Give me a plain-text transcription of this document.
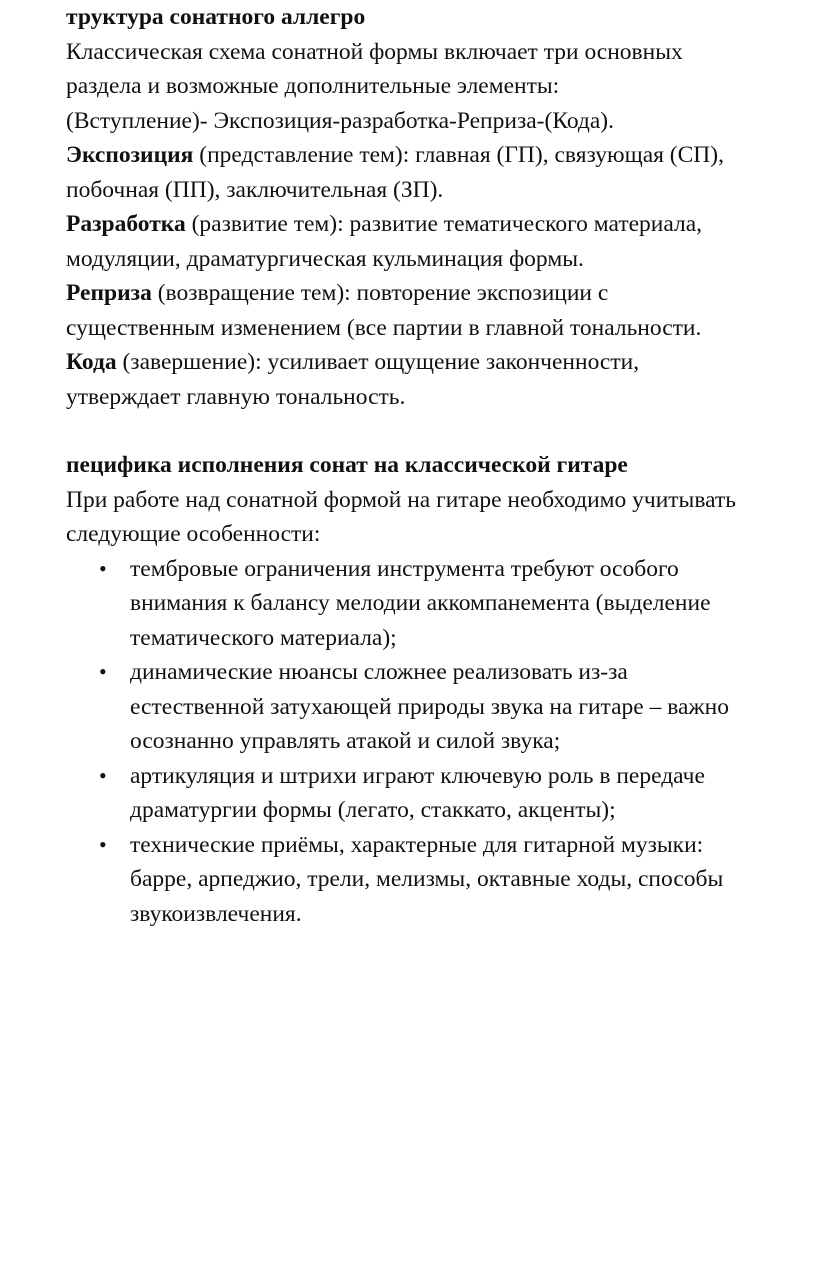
труктура сонатного аллегро
Классическая схема сонатной формы включает три основных
раздела и возможные дополнительные элементы:
(Вступление)- Экспозиция-разработка-Реприза-(Кода).
Экспозиция (представление тем): главная (ГП), связующая (СП),
побочная (ПП), заключительная (ЗП).
Разработка (развитие тем): развитие тематического материала,
модуляции, драматургическая кульминация формы.
Реприза (возвращение тем): повторение экспозиции с
существенным изменением (все партии в главной тональности.
Кода (завершение): усиливает ощущение законченности,
утверждает главную тональность.
пецифика исполнения сонат на классической гитаре
При работе над сонатной формой на гитаре необходимо учитывать
следующие особенности:
• тембровые ограничения инструмента требуют особого
внимания к балансу мелодии аккомпанемента (выделение
тематического материала);
• динамические нюансы сложнее реализовать из-за
естественной затухающей природы звука на гитаре – важно
осознанно управлять атакой и силой звука;
• артикуляция и штрихи играют ключевую роль в передаче
драматургии формы (легато, стаккато, акценты);
• технические приёмы, характерные для гитарной музыки:
барре, арпеджио, трели, мелизмы, октавные ходы, способы
звукоизвлечения.
